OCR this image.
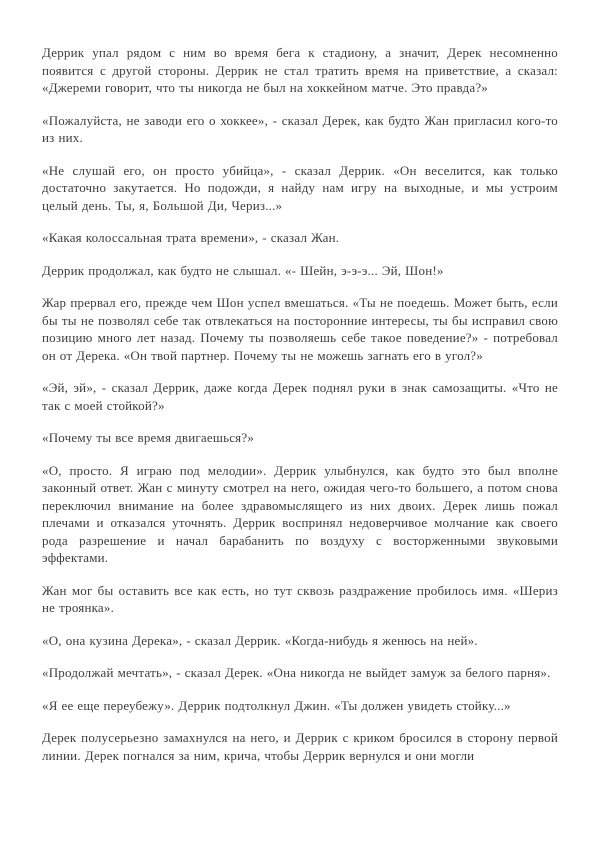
Деррик упал рядом с ним во время бега к стадиону, а значит, Дерек несомненно появится с другой стороны. Деррик не стал тратить время на приветствие, а сказал: «Джереми говорит, что ты никогда не был на хоккейном матче. Это правда?»

«Пожалуйста, не заводи его о хоккее», - сказал Дерек, как будто Жан пригласил кого-то из них.

«Не слушай его, он просто убийца», - сказал Деррик. «Он веселится, как только достаточно закутается. Но подожди, я найду нам игру на выходные, и мы устроим целый день. Ты, я, Большой Ди, Чериз...»

«Какая колоссальная трата времени», - сказал Жан.

Деррик продолжал, как будто не слышал. «- Шейн, э-э-э... Эй, Шон!»

Жар прервал его, прежде чем Шон успел вмешаться. «Ты не поедешь. Может быть, если бы ты не позволял себе так отвлекаться на посторонние интересы, ты бы исправил свою позицию много лет назад. Почему ты позволяешь себе такое поведение?» - потребовал он от Дерека. «Он твой партнер. Почему ты не можешь загнать его в угол?»

«Эй, эй», - сказал Деррик, даже когда Дерек поднял руки в знак самозащиты. «Что не так с моей стойкой?»

«Почему ты все время двигаешься?»

«О, просто. Я играю под мелодии». Деррик улыбнулся, как будто это был вполне законный ответ. Жан с минуту смотрел на него, ожидая чего-то большего, а потом снова переключил внимание на более здравомыслящего из них двоих. Дерек лишь пожал плечами и отказался уточнять. Деррик воспринял недоверчивое молчание как своего рода разрешение и начал барабанить по воздуху с восторженными звуковыми эффектами.

Жан мог бы оставить все как есть, но тут сквозь раздражение пробилось имя. «Шериз не троянка».

«О, она кузина Дерека», - сказал Деррик. «Когда-нибудь я женюсь на ней».

«Продолжай мечтать», - сказал Дерек. «Она никогда не выйдет замуж за белого парня».

«Я ее еще переубежу». Деррик подтолкнул Джин. «Ты должен увидеть стойку...»

Дерек полусерьезно замахнулся на него, и Деррик с криком бросился в сторону первой линии. Дерек погнался за ним, крича, чтобы Деррик вернулся и они могли
